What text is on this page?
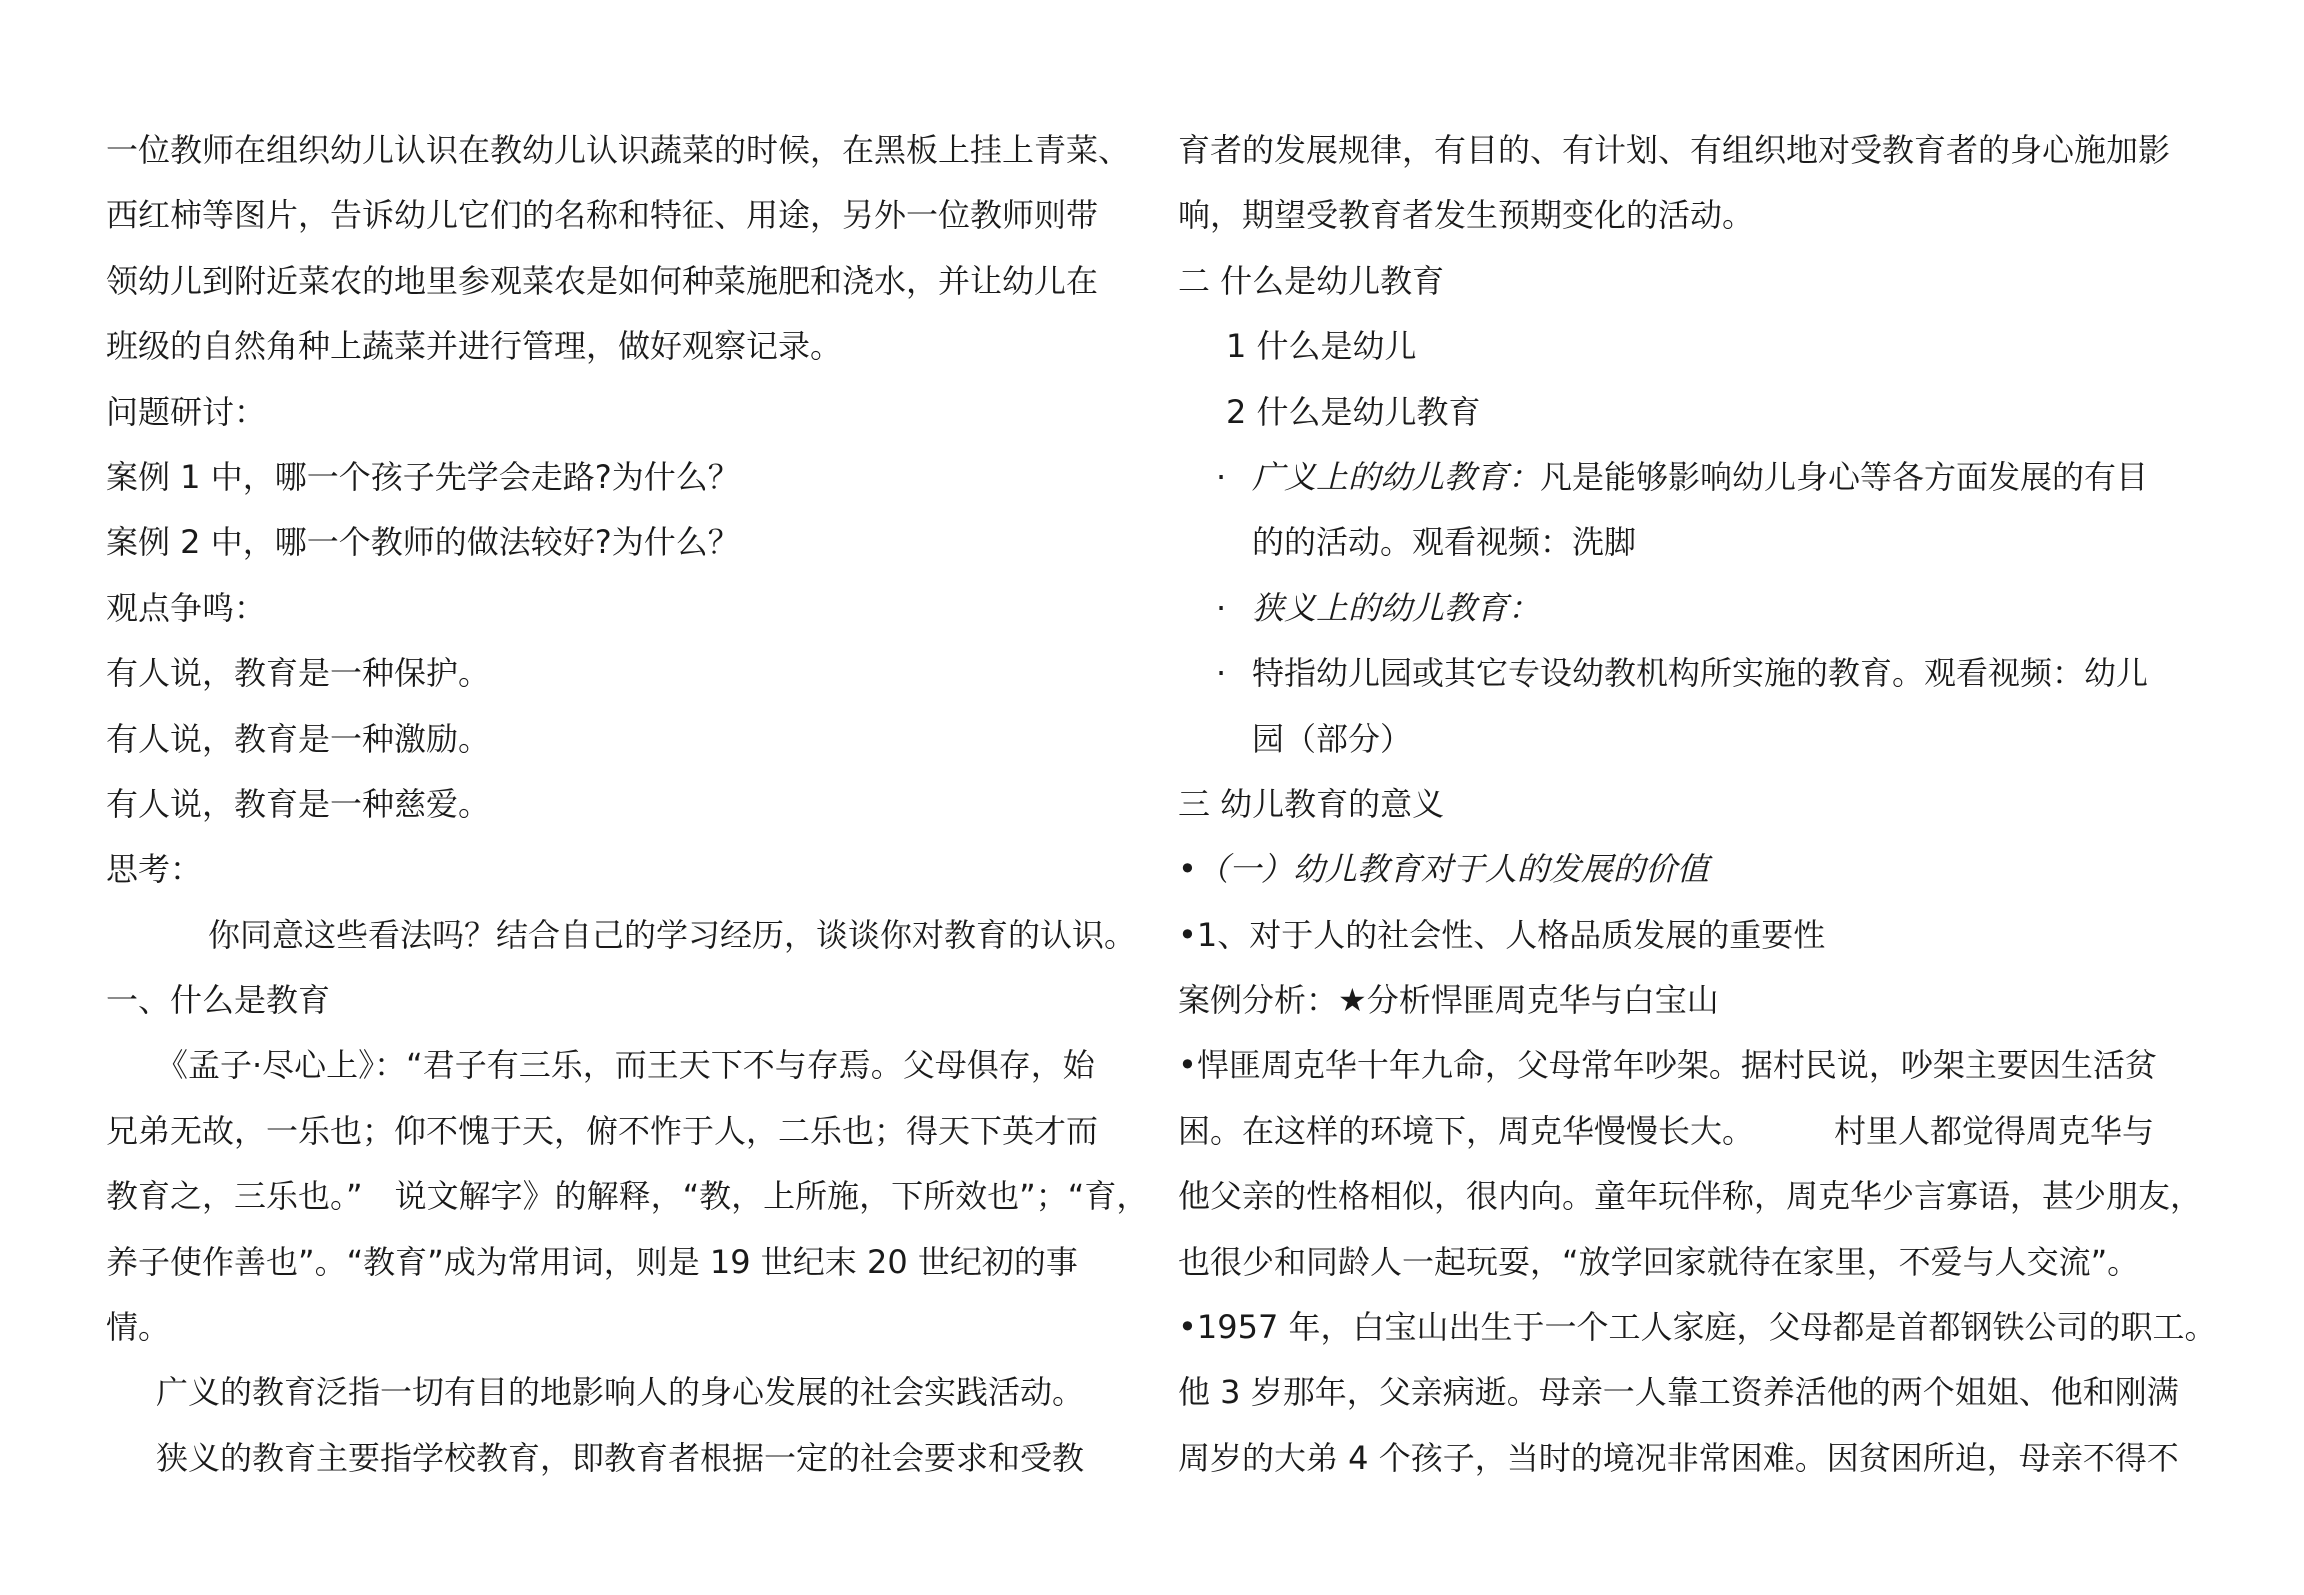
一位教师在组织幼儿认识在教幼儿认识蔬菜的时候，在黑板上挂上青菜、
西红柿等图片，告诉幼儿它们的名称和特征、用途，另外一位教师则带
领幼儿到附近菜农的地里参观菜农是如何种菜施肥和浇水，并让幼儿在
班级的自然角种上蔬菜并进行管理，做好观察记录。
问题研讨：
案例 1 中，哪一个孩子先学会走路?为什么？
案例 2 中，哪一个教师的做法较好?为什么？
观点争鸣：
有人说，教育是一种保护。
有人说，教育是一种激励。
有人说，教育是一种慈爱。
思考：
你同意这些看法吗？结合自己的学习经历，谈谈你对教育的认识。
一、什么是教育
《孟子·尽心上》：“君子有三乐，而王天下不与存焉。父母俱存，始
兄弟无故，一乐也；仰不愧于天，俯不怍于人，二乐也；得天下英才而
教育之，三乐也。”　说文解字》的解释，“教，上所施，下所效也”；“育，
养子使作善也”。“教育”成为常用词，则是 19 世纪末 20 世纪初的事
情。
广义的教育泛指一切有目的地影响人的身心发展的社会实践活动。
狭义的教育主要指学校教育，即教育者根据一定的社会要求和受教
育者的发展规律，有目的、有计划、有组织地对受教育者的身心施加影
响，期望受教育者发生预期变化的活动。
二 什么是幼儿教育
1 什么是幼儿
2 什么是幼儿教育
· 广义上的幼儿教育：凡是能够影响幼儿身心等各方面发展的有目
的的活动。观看视频：洗脚
· 狭义上的幼儿教育：
· 特指幼儿园或其它专设幼教机构所实施的教育。观看视频：幼儿
园（部分）
三 幼儿教育的意义
•（一）幼儿教育对于人的发展的价值
•1、对于人的社会性、人格品质发展的重要性
案例分析：★分析悍匪周克华与白宝山
•悍匪周克华十年九命，父母常年吵架。据村民说，吵架主要因生活贫
困。在这样的环境下，周克华慢慢长大。　　　村里人都觉得周克华与
他父亲的性格相似，很内向。童年玩伴称，周克华少言寡语，甚少朋友，
也很少和同龄人一起玩耍，“放学回家就待在家里，不爱与人交流”。
•1957 年，白宝山出生于一个工人家庭，父母都是首都钢铁公司的职工。
他 3 岁那年，父亲病逝。母亲一人靠工资养活他的两个姐姐、他和刚满
周岁的大弟 4 个孩子，当时的境况非常困难。因贫困所迫，母亲不得不
